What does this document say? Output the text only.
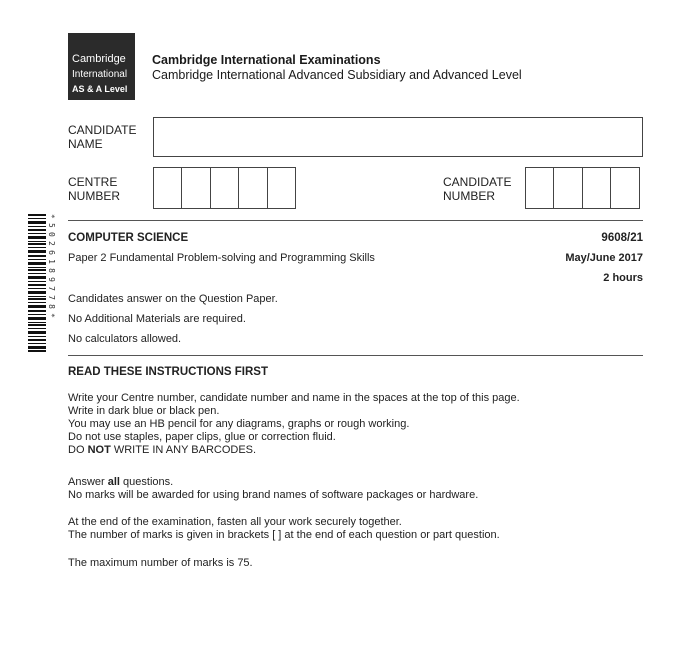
Cambridge
International
AS & A Level
Cambridge International Examinations
Cambridge International Advanced Subsidiary and Advanced Level
CANDIDATE
NAME
CENTRE
NUMBER
CANDIDATE
NUMBER
*5026189778* COMPUTER SCIENCE	9608/21
Paper 2 Fundamental Problem-solving and Programming Skills	May/June 2017
2 hours
Candidates answer on the Question Paper.
No Additional Materials are required.
No calculators allowed.
READ THESE INSTRUCTIONS FIRST
Write your Centre number, candidate number and name in the spaces at the top of this page.
Write in dark blue or black pen.
You may use an HB pencil for any diagrams, graphs or rough working.
Do not use staples, paper clips, glue or correction fluid.
DO NOT WRITE IN ANY BARCODES.
Answer all questions.
No marks will be awarded for using brand names of software packages or hardware.
At the end of the examination, fasten all your work securely together.
The number of marks is given in brackets [ ] at the end of each question or part question.
The maximum number of marks is 75.
